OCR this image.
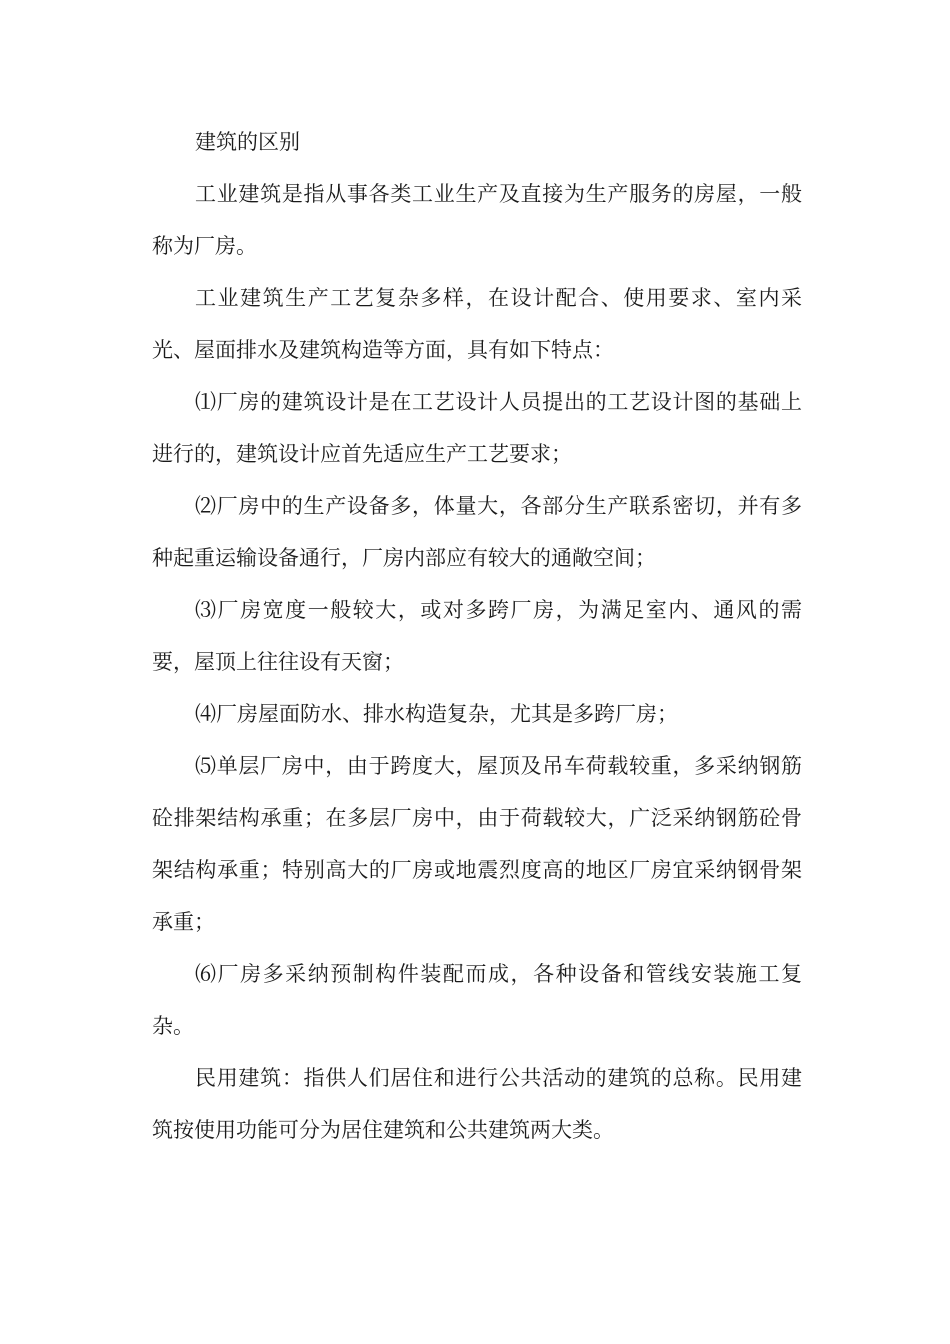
建筑的区别

工业建筑是指从事各类工业生产及直接为生产服务的房屋，一般称为厂房。

工业建筑生产工艺复杂多样，在设计配合、使用要求、室内采光、屋面排水及建筑构造等方面，具有如下特点：

⑴厂房的建筑设计是在工艺设计人员提出的工艺设计图的基础上进行的，建筑设计应首先适应生产工艺要求；

⑵厂房中的生产设备多，体量大，各部分生产联系密切，并有多种起重运输设备通行，厂房内部应有较大的通敞空间；

⑶厂房宽度一般较大，或对多跨厂房，为满足室内、通风的需要，屋顶上往往设有天窗；

⑷厂房屋面防水、排水构造复杂，尤其是多跨厂房；

⑸单层厂房中，由于跨度大，屋顶及吊车荷载较重，多采纳钢筋砼排架结构承重；在多层厂房中，由于荷载较大，广泛采纳钢筋砼骨架结构承重；特别高大的厂房或地震烈度高的地区厂房宜采纳钢骨架承重；

⑹厂房多采纳预制构件装配而成，各种设备和管线安装施工复杂。

民用建筑：指供人们居住和进行公共活动的建筑的总称。民用建筑按使用功能可分为居住建筑和公共建筑两大类。
